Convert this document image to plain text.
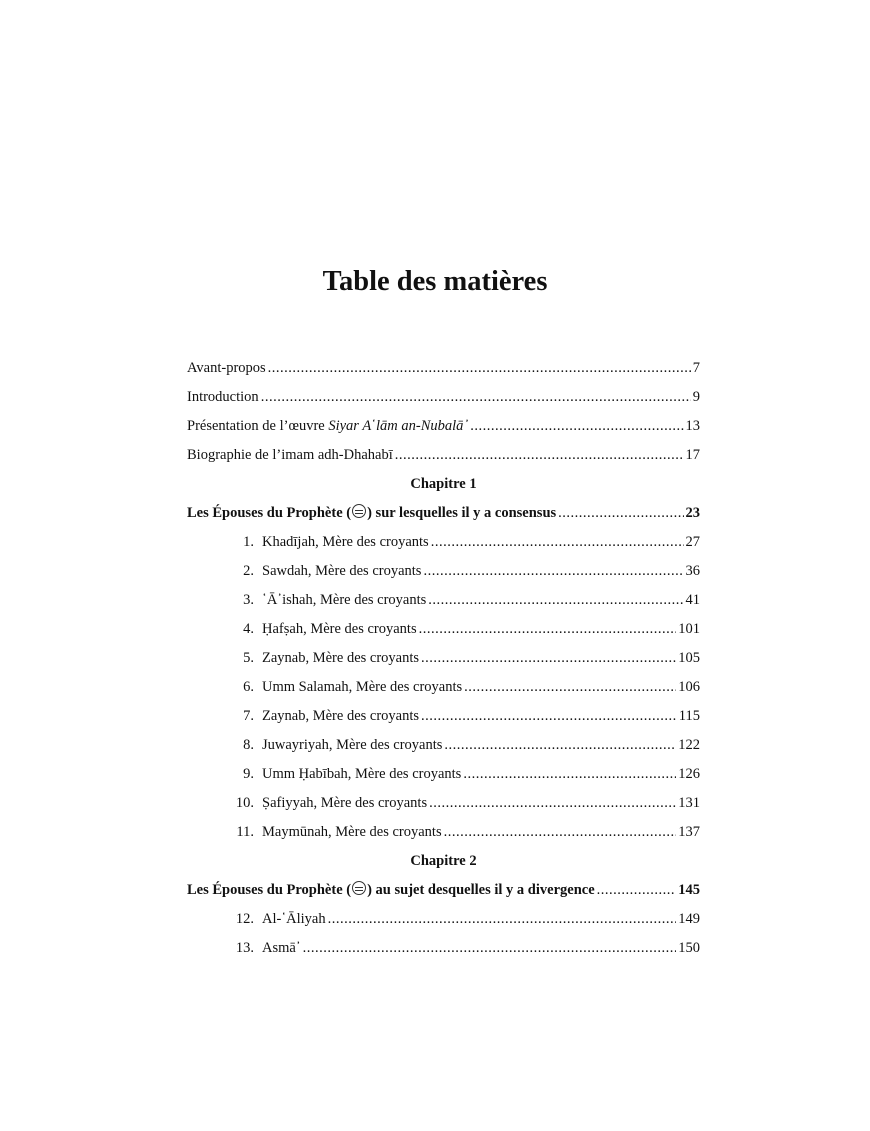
Table des matières
Avant-propos .....	7
Introduction .....	9
Présentation de l’œuvre Siyar A῾lām an-Nubalā᾽ .....	13
Biographie de l’imam adh-Dhahabī .....	17
Chapitre 1
Les Épouses du Prophète ( ) sur lesquelles il y a consensus .....	23
1. Khadījah, Mère des croyants .....	27
2. Sawdah, Mère des croyants .....	36
3. ῾Ā᾽ishah, Mère des croyants .....	41
4. Ḥafṣah, Mère des croyants .....	101
5. Zaynab, Mère des croyants .....	105
6. Umm Salamah, Mère des croyants .....	106
7. Zaynab, Mère des croyants .....	115
8. Juwayriyah, Mère des croyants .....	122
9. Umm Ḥabībah, Mère des croyants .....	126
10. Ṣafiyyah, Mère des croyants .....	131
11. Maymūnah, Mère des croyants .....	137
Chapitre 2
Les Épouses du Prophète ( ) au sujet desquelles il y a divergence .....	145
12. Al-῾Āliyah .....	149
13. Asmā᾽ .....	150
